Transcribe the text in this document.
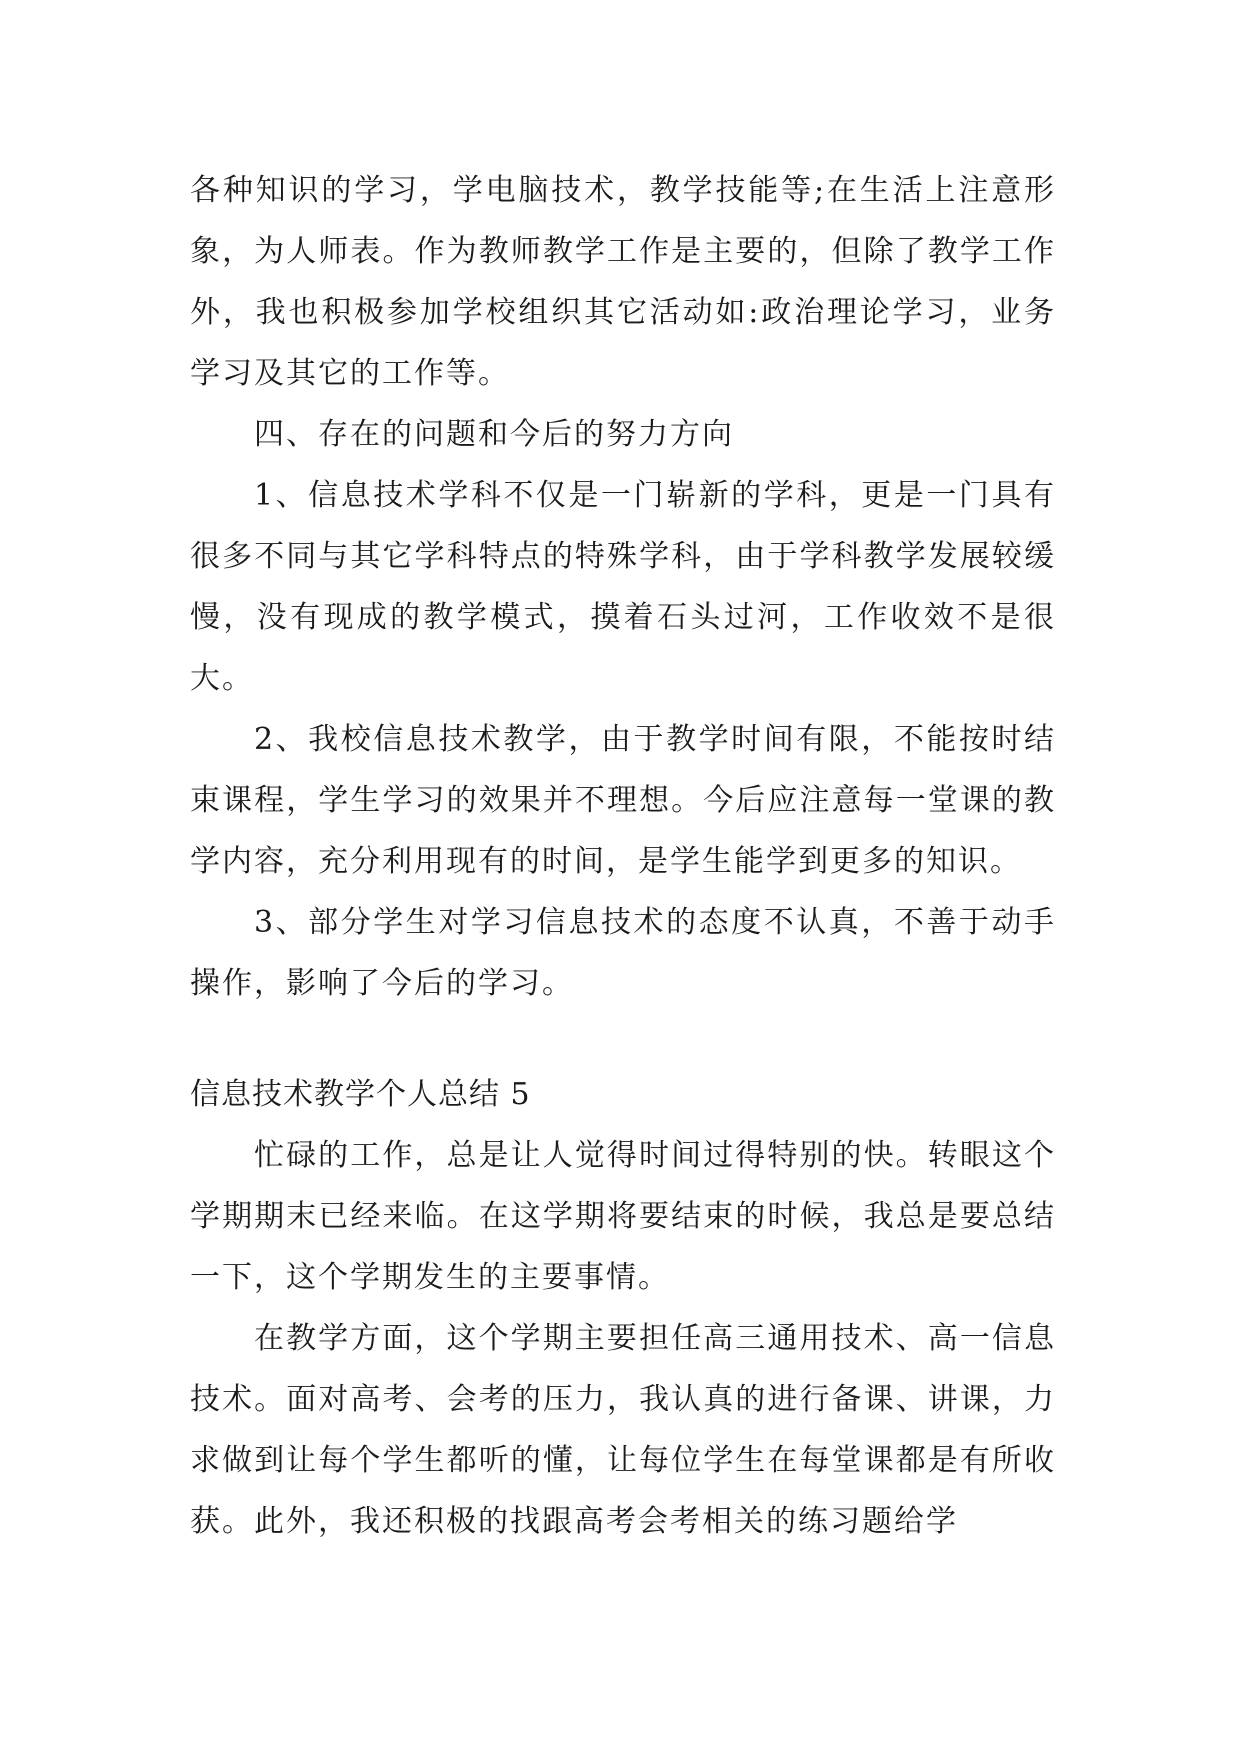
各种知识的学习，学电脑技术，教学技能等;在生活上注意形象，为人师表。作为教师教学工作是主要的，但除了教学工作外，我也积极参加学校组织其它活动如:政治理论学习，业务学习及其它的工作等。

四、存在的问题和今后的努力方向

1、信息技术学科不仅是一门崭新的学科，更是一门具有很多不同与其它学科特点的特殊学科，由于学科教学发展较缓慢，没有现成的教学模式，摸着石头过河，工作收效不是很大。

2、我校信息技术教学，由于教学时间有限，不能按时结束课程，学生学习的效果并不理想。今后应注意每一堂课的教学内容，充分利用现有的时间，是学生能学到更多的知识。

3、部分学生对学习信息技术的态度不认真，不善于动手操作，影响了今后的学习。

信息技术教学个人总结 5

忙碌的工作，总是让人觉得时间过得特别的快。转眼这个学期期末已经来临。在这学期将要结束的时候，我总是要总结一下，这个学期发生的主要事情。

在教学方面，这个学期主要担任高三通用技术、高一信息技术。面对高考、会考的压力，我认真的进行备课、讲课，力求做到让每个学生都听的懂，让每位学生在每堂课都是有所收获。此外，我还积极的找跟高考会考相关的练习题给学
